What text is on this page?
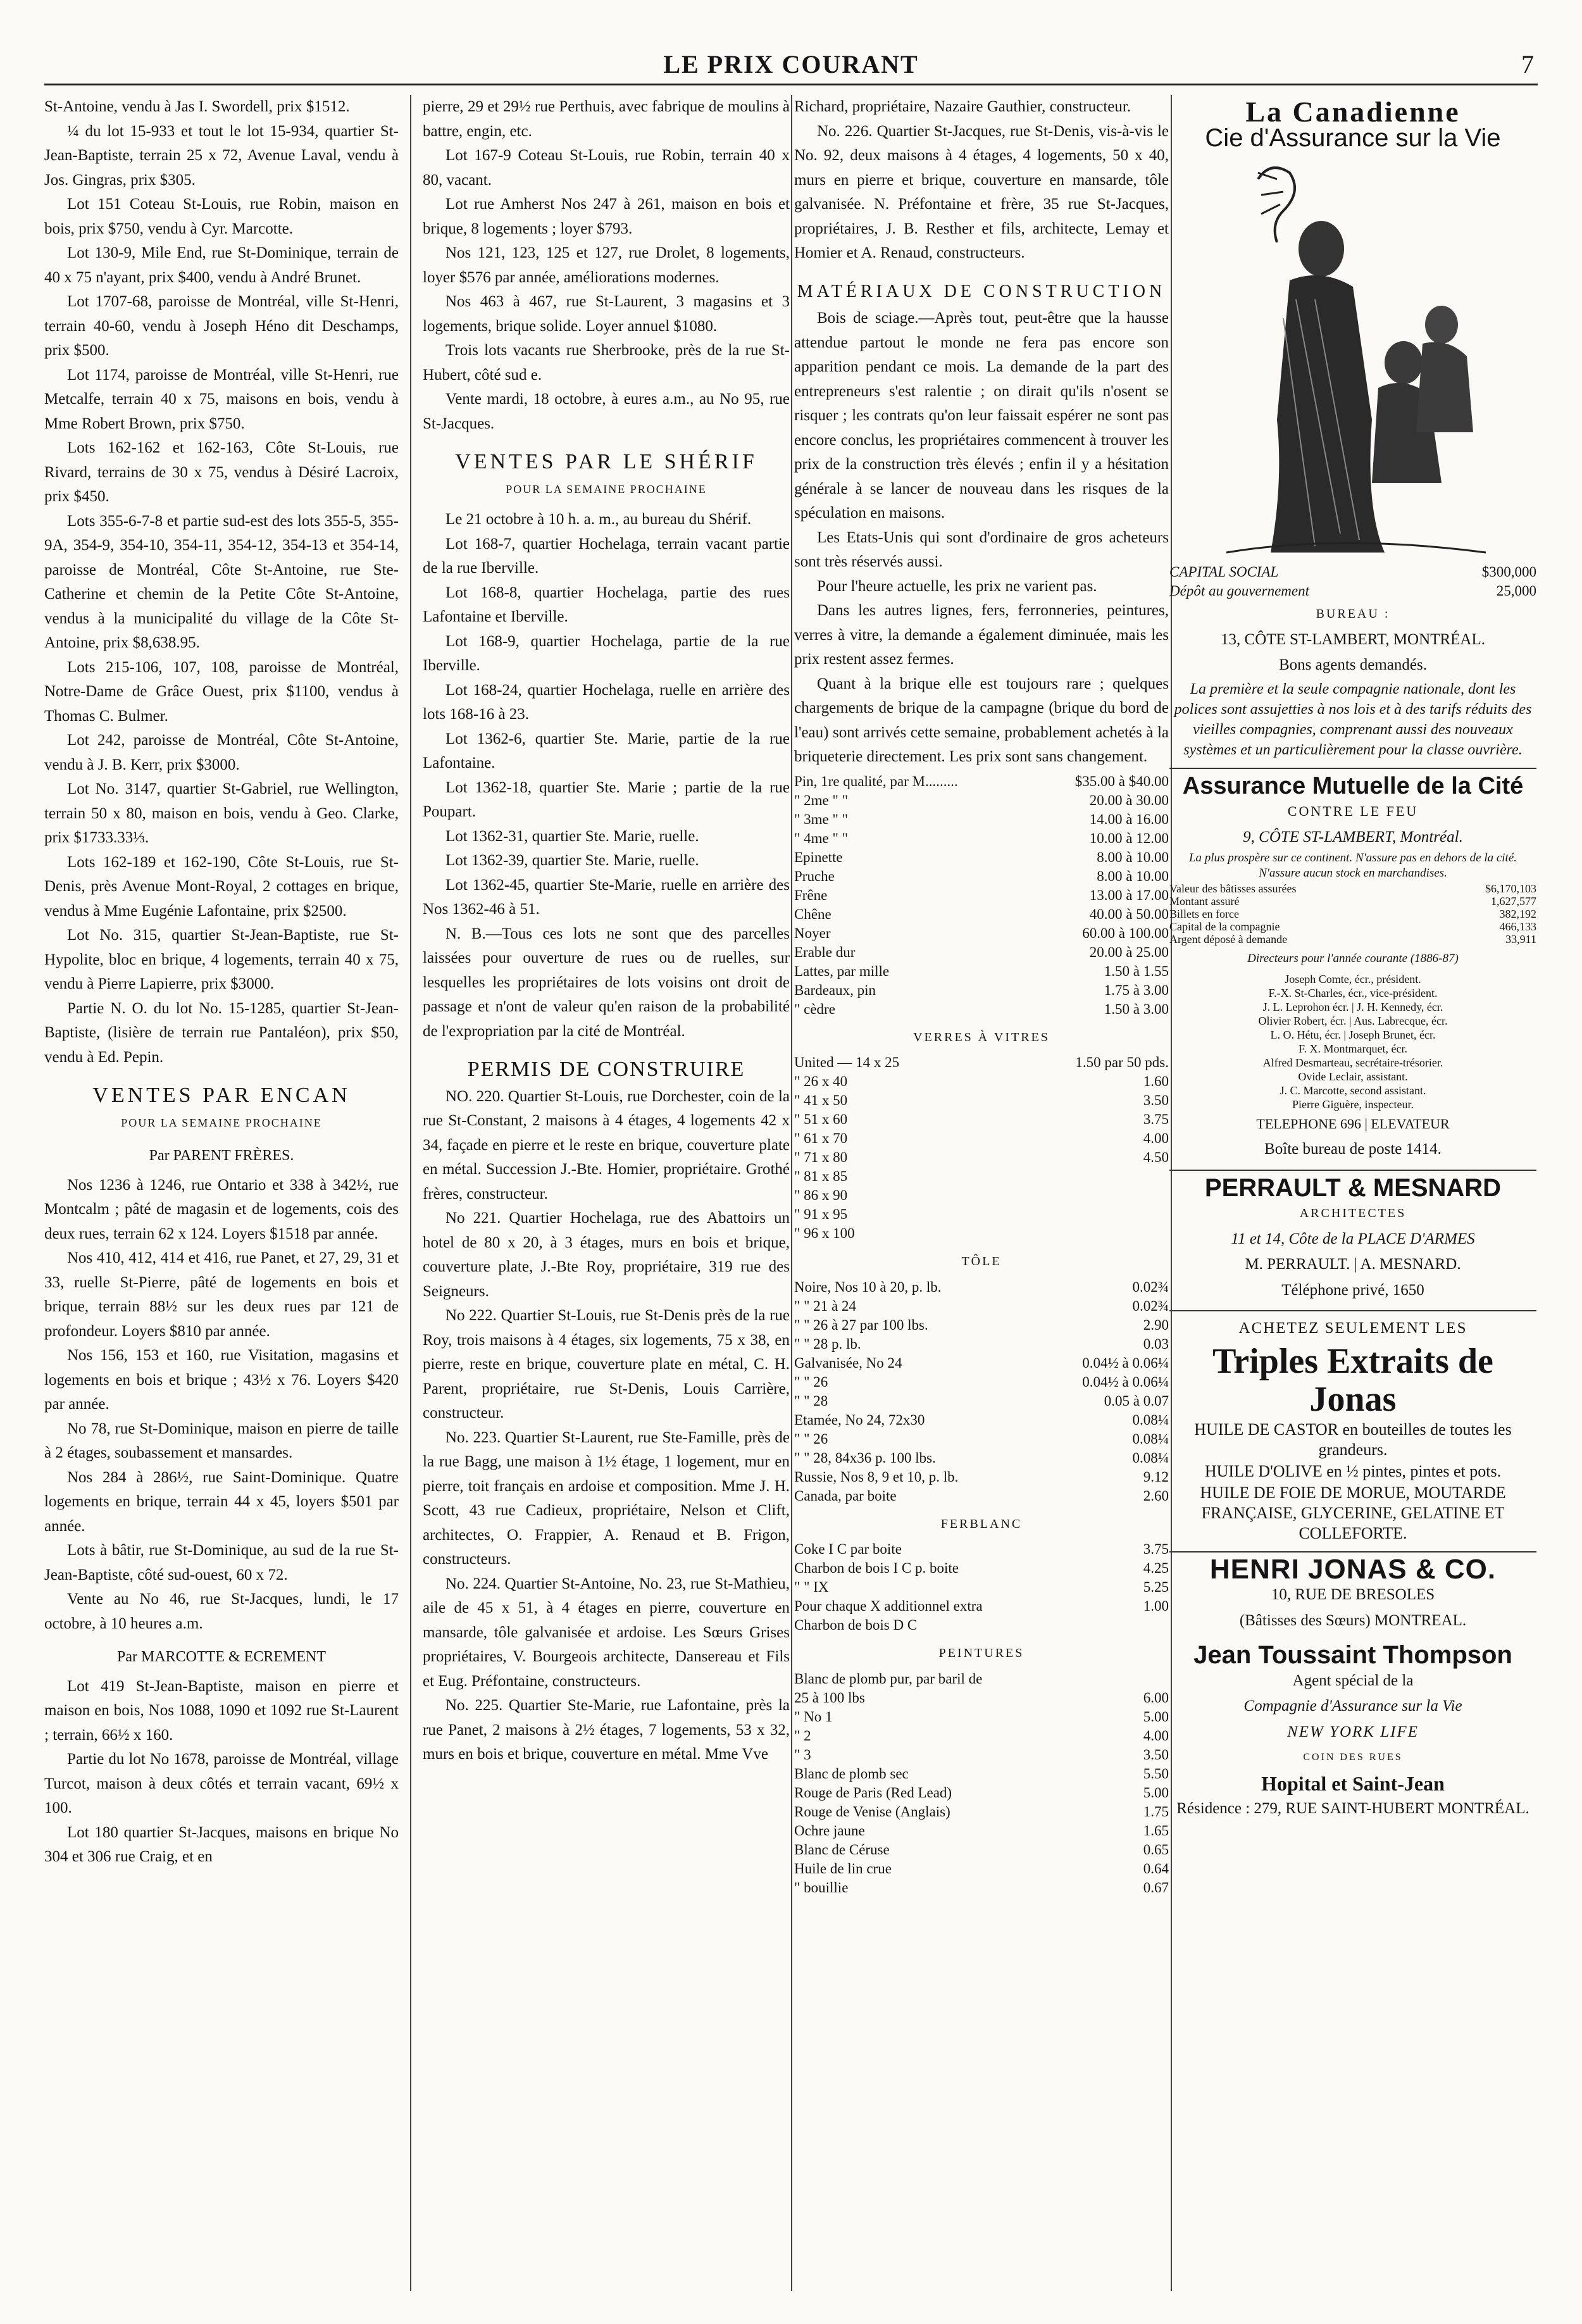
LE PRIX COURANT	7

St-Antoine, vendu à Jas I. Swordell, prix $1512.

¼ du lot 15-933 et tout le lot 15-934, quartier St-Jean-Baptiste, terrain 25 x 72, Avenue Laval, vendu à Jos. Gingras, prix $305.

Lot 151 Coteau St-Louis, rue Robin, maison en bois, prix $750, vendu à Cyr. Marcotte.

Lot 130-9, Mile End, rue St-Dominique, terrain de 40 x 75 n'ayant, prix $400, vendu à André Brunet.

Lot 1707-68, paroisse de Montréal, ville St-Henri, terrain 40-60, vendu à Joseph Héno dit Deschamps, prix $500.

Lot 1174, paroisse de Montréal, ville St-Henri, rue Metcalfe, terrain 40 x 75, maisons en bois, vendu à Mme Robert Brown, prix $750.

Lots 162-162 et 162-163, Côte St-Louis, rue Rivard, terrains de 30 x 75, vendus à Désiré Lacroix, prix $450.

Lots 355-6-7-8 et partie sud-est des lots 355-5, 355-9A, 354-9, 354-10, 354-11, 354-12, 354-13 et 354-14, paroisse de Montréal, Côte St-Antoine, rue Ste-Catherine et chemin de la Petite Côte St-Antoine, vendus à la municipalité du village de la Côte St-Antoine, prix $8,638.95.

Lots 215-106, 107, 108, paroisse de Montréal, Notre-Dame de Grâce Ouest, prix $1100, vendus à Thomas C. Bulmer.

Lot 242, paroisse de Montréal, Côte St-Antoine, vendu à J. B. Kerr, prix $3000.

Lot No. 3147, quartier St-Gabriel, rue Wellington, terrain 50 x 80, maison en bois, vendu à Geo. Clarke, prix $1733.33⅓.

Lots 162-189 et 162-190, Côte St-Louis, rue St-Denis, près Avenue Mont-Royal, 2 cottages en brique, vendus à Mme Eugénie Lafontaine, prix $2500.

Lot No. 315, quartier St-Jean-Baptiste, rue St-Hypolite, bloc en brique, 4 logements, terrain 40 x 75, vendu à Pierre Lapierre, prix $3000.

Partie N. O. du lot No. 15-1285, quartier St-Jean-Baptiste, (lisière de terrain rue Pantaléon), prix $50, vendu à Ed. Pepin.

VENTES PAR ENCAN
POUR LA SEMAINE PROCHAINE
Par PARENT FRÈRES.

Nos 1236 à 1246, rue Ontario et 338 à 342½, rue Montcalm ; pâté de magasin et de logements, cois des deux rues, terrain 62 x 124. Loyers $1518 par année.

Nos 410, 412, 414 et 416, rue Panet, et 27, 29, 31 et 33, ruelle St-Pierre, pâté de logements en bois et brique, terrain 88½ sur les deux rues par 121 de profondeur. Loyers $810 par année.

Nos 156, 153 et 160, rue Visitation, magasins et logements en bois et brique ; 43½ x 76. Loyers $420 par année.

No 78, rue St-Dominique, maison en pierre de taille à 2 étages, soubassement et mansardes.

Nos 284 à 286½, rue Saint-Dominique. Quatre logements en brique, terrain 44 x 45, loyers $501 par année.

Lots à bâtir, rue St-Dominique, au sud de la rue St-Jean-Baptiste, côté sud-ouest, 60 x 72.

Vente au No 46, rue St-Jacques, lundi, le 17 octobre, à 10 heures a.m.

Par MARCOTTE & ECREMENT

Lot 419 St-Jean-Baptiste, maison en pierre et maison en bois, Nos 1088, 1090 et 1092 rue St-Laurent ; terrain, 66½ x 160.

Partie du lot No 1678, paroisse de Montréal, village Turcot, maison à deux côtés et terrain vacant, 69½ x 100.

Lot 180 quartier St-Jacques, maisons en brique No 304 et 306 rue Craig, et en

pierre, 29 et 29½ rue Perthuis, avec fabrique de moulins à battre, engin, etc.

Lot 167-9 Coteau St-Louis, rue Robin, terrain 40 x 80, vacant.

Lot rue Amherst Nos 247 à 261, maison en bois et brique, 8 logements ; loyer $793.

Nos 121, 123, 125 et 127, rue Drolet, 8 logements, loyer $576 par année, améliorations modernes.

Nos 463 à 467, rue St-Laurent, 3 magasins et 3 logements, brique solide. Loyer annuel $1080.

Trois lots vacants rue Sherbrooke, près de la rue St-Hubert, côté sud e.

Vente mardi, 18 octobre, à eures a.m., au No 95, rue St-Jacques.

VENTES PAR LE SHÉRIF
POUR LA SEMAINE PROCHAINE

Le 21 octobre à 10 h. a. m., au bureau du Shérif.

Lot 168-7, quartier Hochelaga, terrain vacant partie de la rue Iberville.

Lot 168-8, quartier Hochelaga, partie des rues Lafontaine et Iberville.

Lot 168-9, quartier Hochelaga, partie de la rue Iberville.

Lot 168-24, quartier Hochelaga, ruelle en arrière des lots 168-16 à 23.

Lot 1362-6, quartier Ste. Marie, partie de la rue Lafontaine.

Lot 1362-18, quartier Ste. Marie ; partie de la rue Poupart.

Lot 1362-31, quartier Ste. Marie, ruelle.

Lot 1362-39, quartier Ste. Marie, ruelle.

Lot 1362-45, quartier Ste-Marie, ruelle en arrière des Nos 1362-46 à 51.

N. B.—Tous ces lots ne sont que des parcelles laissées pour ouverture de rues ou de ruelles, sur lesquelles les propriétaires de lots voisins ont droit de passage et n'ont de valeur qu'en raison de la probabilité de l'expropriation par la cité de Montréal.

PERMIS DE CONSTRUIRE

NO. 220. Quartier St-Louis, rue Dorchester, coin de la rue St-Constant, 2 maisons à 4 étages, 4 logements 42 x 34, façade en pierre et le reste en brique, couverture plate en métal. Succession J.-Bte. Homier, propriétaire. Grothé frères, constructeur.

No 221. Quartier Hochelaga, rue des Abattoirs un hotel de 80 x 20, à 3 étages, murs en bois et brique, couverture plate, J.-Bte Roy, propriétaire, 319 rue des Seigneurs.

No 222. Quartier St-Louis, rue St-Denis près de la rue Roy, trois maisons à 4 étages, six logements, 75 x 38, en pierre, reste en brique, couverture plate en métal, C. H. Parent, propriétaire, rue St-Denis, Louis Carrière, constructeur.

No. 223. Quartier St-Laurent, rue Ste-Famille, près de la rue Bagg, une maison à 1½ étage, 1 logement, mur en pierre, toit français en ardoise et composition. Mme J. H. Scott, 43 rue Cadieux, propriétaire, Nelson et Clift, architectes, O. Frappier, A. Renaud et B. Frigon, constructeurs.

No. 224. Quartier St-Antoine, No. 23, rue St-Mathieu, aile de 45 x 51, à 4 étages en pierre, couverture en mansarde, tôle galvanisée et ardoise. Les Sœurs Grises propriétaires, V. Bourgeois architecte, Dansereau et Fils et Eug. Préfontaine, constructeurs.

No. 225. Quartier Ste-Marie, rue Lafontaine, près la rue Panet, 2 maisons à 2½ étages, 7 logements, 53 x 32, murs en bois et brique, couverture en métal. Mme Vve

Richard, propriétaire, Nazaire Gauthier, constructeur.

No. 226. Quartier St-Jacques, rue St-Denis, vis-à-vis le No. 92, deux maisons à 4 étages, 4 logements, 50 x 40, murs en pierre et brique, couverture en mansarde, tôle galvanisée. N. Préfontaine et frère, 35 rue St-Jacques, propriétaires, J. B. Resther et fils, architecte, Lemay et Homier et A. Renaud, constructeurs.

MATÉRIAUX DE CONSTRUCTION

Bois de sciage.—Après tout, peut-être que la hausse attendue partout le monde ne fera pas encore son apparition pendant ce mois. La demande de la part des entrepreneurs s'est ralentie ; on dirait qu'ils n'osent se risquer ; les contrats qu'on leur faissait espérer ne sont pas encore conclus, les propriétaires commencent à trouver les prix de la construction très élevés ; enfin il y a hésitation générale à se lancer de nouveau dans les risques de la spéculation en maisons.

Les Etats-Unis qui sont d'ordinaire de gros acheteurs sont très réservés aussi.

Pour l'heure actuelle, les prix ne varient pas.

Dans les autres lignes, fers, ferronneries, peintures, verres à vitre, la demande a également diminuée, mais les prix restent assez fermes.

Quant à la brique elle est toujours rare ; quelques chargements de brique de la campagne (brique du bord de l'eau) sont arrivés cette semaine, probablement achetés à la briqueterie directement. Les prix sont sans changement.

Pin, 1re qualité, par M.........	$35.00 à $40.00
" 2me " "	20.00 à 30.00
" 3me " "	14.00 à 16.00
" 4me " "	10.00 à 12.00
Epinette	8.00 à 10.00
Pruche	8.00 à 10.00
Frêne	13.00 à 17.00
Chêne	40.00 à 50.00
Noyer	60.00 à 100.00
Erable dur	20.00 à 25.00
Lattes, par mille	1.50 à 1.55
Bardeaux, pin	1.75 à 3.00
" cèdre	1.50 à 3.00
VERRES À VITRES
United — 14 x 25	1.50 par 50 pds.
" 26 x 40	1.60
" 41 x 50	3.50
" 51 x 60	3.75
" 61 x 70	4.00
" 71 x 80	4.50
" 81 x 85
" 86 x 90
" 91 x 95
" 96 x 100
TÔLE
Noire, Nos 10 à 20, p. lb.	0.02¾
" " 21 à 24	0.02¾
" " 26 à 27 par 100 lbs.	2.90
" " 28 p. lb.	0.03
Galvanisée, No 24	0.04½ à 0.06¼
" " 26	0.04½ à 0.06¼
" " 28	0.05 à 0.07
Etamée, No 24, 72x30	0.08¼
" " 26	0.08¼
" " 28, 84x36 p. 100 lbs.	0.08¼
Russie, Nos 8, 9 et 10, p. lb.	9.12
Canada, par boite	2.60
FERBLANC
Coke I C par boite	3.75
Charbon de bois I C p. boite	4.25
" " IX	5.25
Pour chaque X additionnel extra	1.00
Charbon de bois D C
PEINTURES
Blanc de plomb pur, par baril de
25 à 100 lbs	6.00
" No 1	5.00
" 2	4.00
" 3	3.50
Blanc de plomb sec	5.50
Rouge de Paris (Red Lead)	5.00
Rouge de Venise (Anglais)	1.75
Ochre jaune	1.65
Blanc de Céruse	0.65
Huile de lin crue	0.64
" bouillie	0.67

La Canadienne

Cie d'Assurance sur la Vie

CAPITAL SOCIAL	$300,000
Dépôt au gouvernement	25,000

BUREAU :

13, CÔTE ST-LAMBERT, MONTRÉAL.

Bons agents demandés.

La première et la seule compagnie nationale, dont les polices sont assujetties à nos lois et à des tarifs réduits des vieilles compagnies, comprenant aussi des nouveaux systèmes et un particulièrement pour la classe ouvrière.

Assurance Mutuelle de la Cité

CONTRE LE FEU

9, CÔTE ST-LAMBERT, Montréal.

La plus prospère sur ce continent. N'assure pas en dehors de la cité. N'assure aucun stock en marchandises.

Valeur des bâtisses assurées	$6,170,103
Montant assuré	1,627,577
Billets en force	382,192
Capital de la compagnie	466,133
Argent déposé à demande	33,911

Directeurs pour l'année courante (1886-87)

Joseph Comte, écr., président.

F.-X. St-Charles, écr., vice-président.

J. L. Leprohon écr. | J. H. Kennedy, écr.

Olivier Robert, écr. | Aus. Labrecque, écr.

L. O. Hétu, écr. | Joseph Brunet, écr.

F. X. Montmarquet, écr.

Alfred Desmarteau, secrétaire-trésorier.

Ovide Leclair, assistant.

J. C. Marcotte, second assistant.

Pierre Giguère, inspecteur.

TELEPHONE 696 | ELEVATEUR

Boîte bureau de poste 1414.

PERRAULT & MESNARD

ARCHITECTES

11 et 14, Côte de la PLACE D'ARMES

M. PERRAULT. | A. MESNARD.

Téléphone privé, 1650

ACHETEZ SEULEMENT LES

Triples Extraits de Jonas

HUILE DE CASTOR en bouteilles de toutes les grandeurs.

HUILE D'OLIVE en ½ pintes, pintes et pots.

HUILE DE FOIE DE MORUE, MOUTARDE FRANÇAISE, GLYCERINE, GELATINE ET COLLEFORTE.

HENRI JONAS & CO.

10, RUE DE BRESOLES

(Bâtisses des Sœurs) MONTREAL.

Jean Toussaint Thompson

Agent spécial de la

Compagnie d'Assurance sur la Vie

NEW YORK LIFE

COIN DES RUES

Hopital et Saint-Jean

Résidence : 279, RUE SAINT-HUBERT MONTRÉAL.
